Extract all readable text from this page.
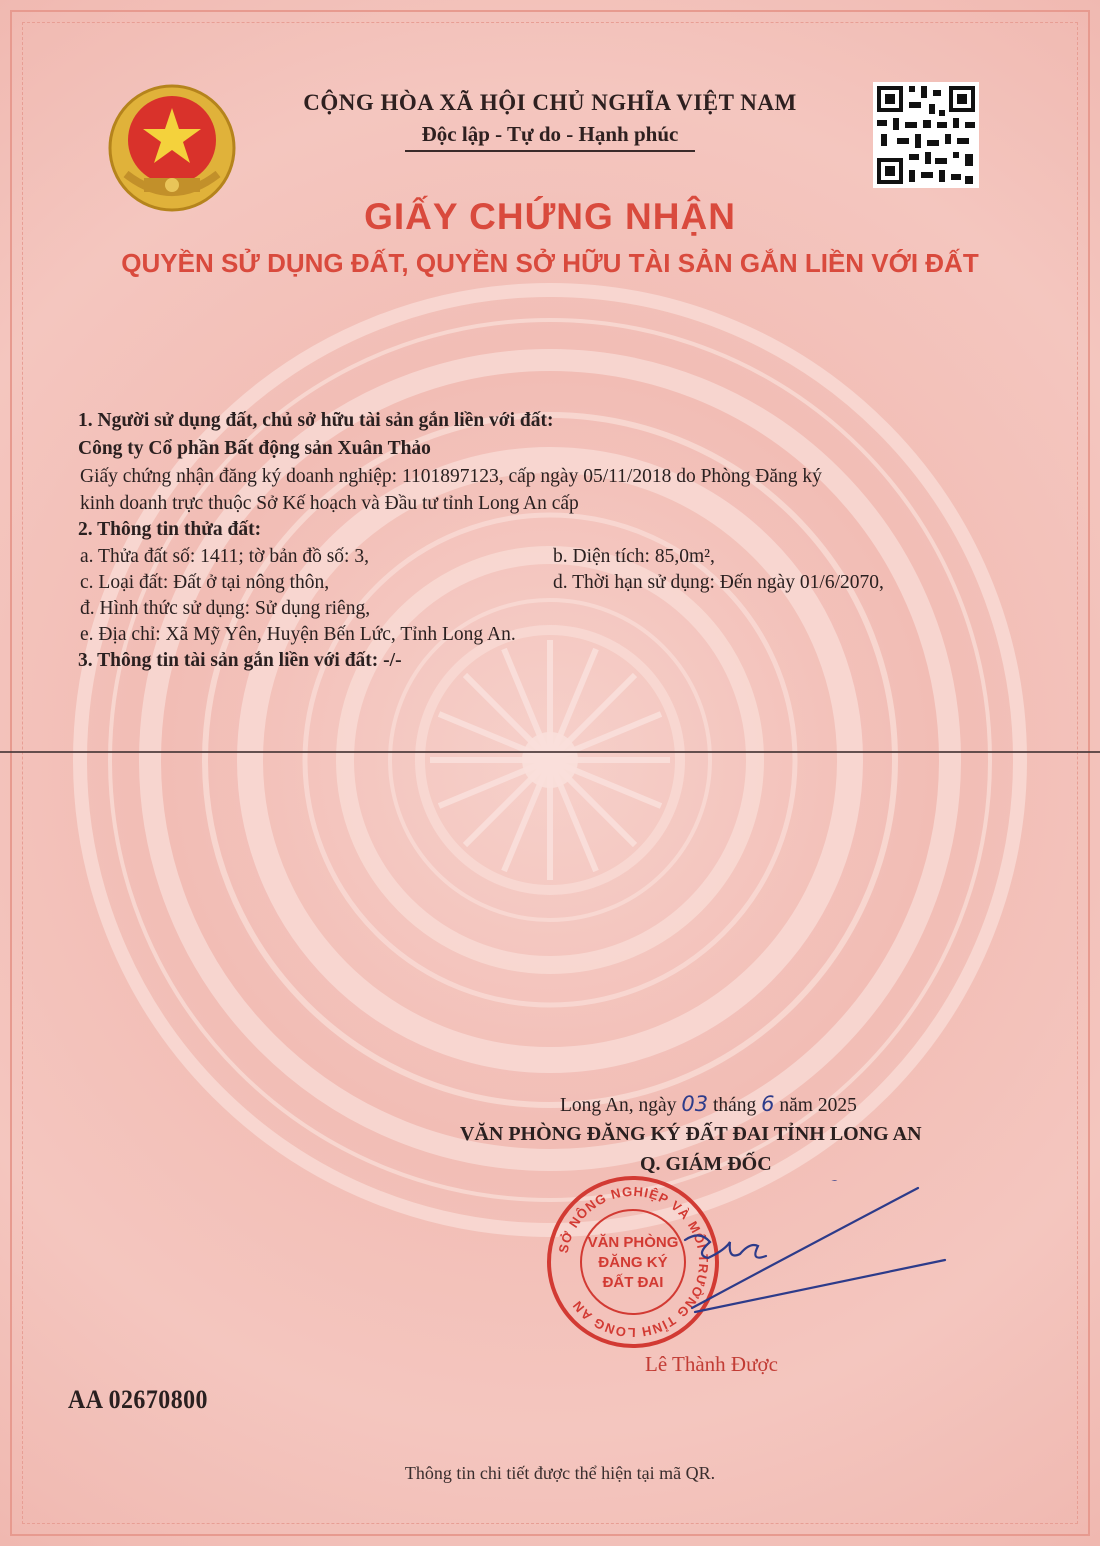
CỘNG HÒA XÃ HỘI CHỦ NGHĨA VIỆT NAM
Độc lập - Tự do - Hạnh phúc
GIẤY CHỨNG NHẬN
QUYỀN SỬ DỤNG ĐẤT, QUYỀN SỞ HỮU TÀI SẢN GẮN LIỀN VỚI ĐẤT
1. Người sử dụng đất, chủ sở hữu tài sản gắn liền với đất:
Công ty Cổ phần Bất động sản Xuân Thảo
Giấy chứng nhận đăng ký doanh nghiệp: 1101897123, cấp ngày 05/11/2018 do Phòng Đăng ký
kinh doanh trực thuộc Sở Kế hoạch và Đầu tư tỉnh Long An cấp
2. Thông tin thửa đất:
a. Thửa đất số: 1411; tờ bản đồ số: 3,	b. Diện tích: 85,0m²,
c. Loại đất: Đất ở tại nông thôn,	d. Thời hạn sử dụng: Đến ngày 01/6/2070,
đ. Hình thức sử dụng: Sử dụng riêng,
e. Địa chỉ: Xã Mỹ Yên, Huyện Bến Lức, Tỉnh Long An.
3. Thông tin tài sản gắn liền với đất: -/-
Long An, ngày 03 tháng 6 năm 2025
VĂN PHÒNG ĐĂNG KÝ ĐẤT ĐAI TỈNH LONG AN
Q. GIÁM ĐỐC
SỞ NÔNG NGHIỆP VÀ MÔI TRƯỜNG TỈNH LONG AN
VĂN PHÒNG
ĐĂNG KÝ
ĐẤT ĐAI
Lê Thành Được
AA 02670800
Thông tin chi tiết được thể hiện tại mã QR.
